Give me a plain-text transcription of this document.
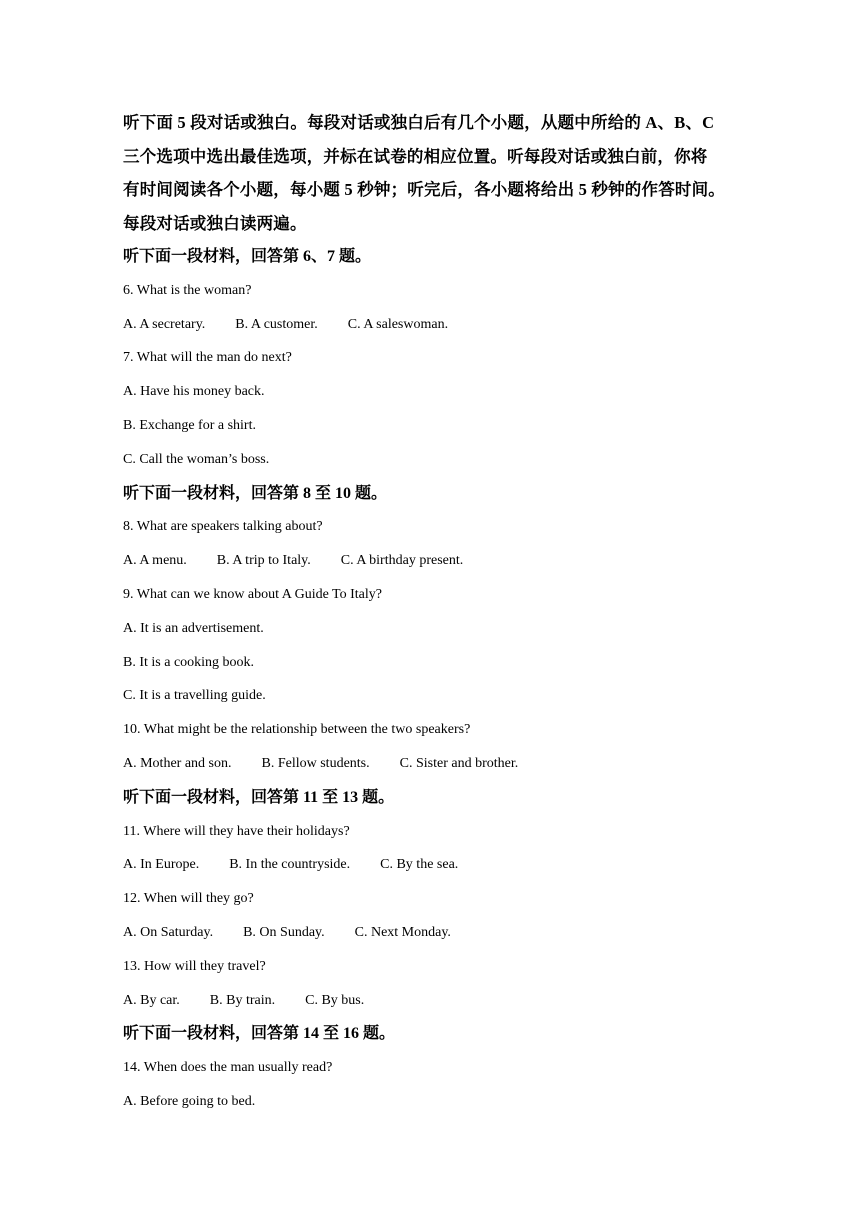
听下面 5 段对话或独白。每段对话或独白后有几个小题，从题中所给的 A、B、C

三个选项中选出最佳选项，并标在试卷的相应位置。听每段对话或独白前，你将

有时间阅读各个小题，每小题 5 秒钟；听完后，各小题将给出 5 秒钟的作答时间。

每段对话或独白读两遍。

听下面一段材料，回答第 6、7 题。

6. What is the woman?

A. A secretary. B. A customer. C. A saleswoman.

7. What will the man do next?

A. Have his money back.

B. Exchange for a shirt.

C. Call the woman’s boss.

听下面一段材料，回答第 8 至 10 题。

8. What are speakers talking about?

A. A menu. B. A trip to Italy. C. A birthday present.

9. What can we know about A Guide To Italy?

A. It is an advertisement.

B. It is a cooking book.

C. It is a travelling guide.

10. What might be the relationship between the two speakers?

A. Mother and son. B. Fellow students. C. Sister and brother.

听下面一段材料，回答第 11 至 13 题。

11. Where will they have their holidays?

A. In Europe. B. In the countryside. C. By the sea.

12. When will they go?

A. On Saturday. B. On Sunday. C. Next Monday.

13. How will they travel?

A. By car. B. By train. C. By bus.

听下面一段材料，回答第 14 至 16 题。

14. When does the man usually read?

A. Before going to bed.
